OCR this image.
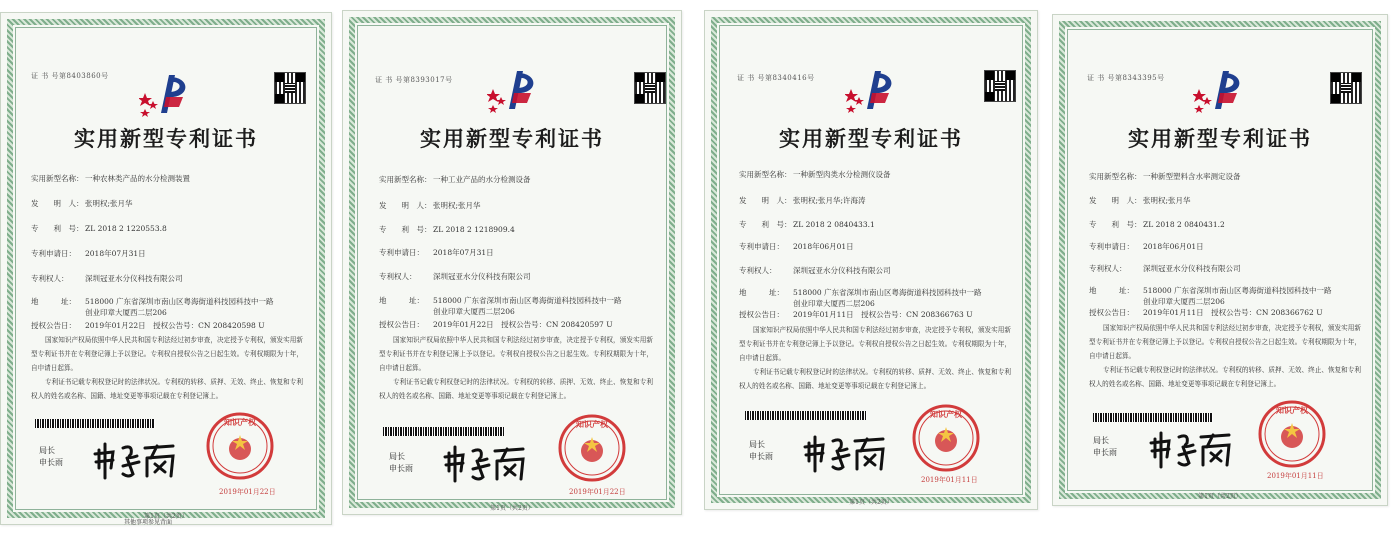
证 书 号第8403860号
实用新型专利证书
实用新型名称： 一种农林类产品的水分检测装置
发　　明　人： 张明权;张月华
专　　利　号： ZL 2018 2 1220553.8
专利申请日： 2018年07月31日
专利权人： 深圳冠亚水分仪科技有限公司
地　　　址： 518000 广东省深圳市南山区粤海街道科技园科技中一路
创业印章大厦西二层206
授权公告日： 2019年01月22日　授权公告号：CN 208420598 U
国家知识产权局依照中华人民共和国专利法经过初步审查，决定授予专利权，颁发实用新型专利证书并在专利登记簿上予以登记。专利权自授权公告之日起生效。专利权期限为十年，自申请日起算。
专利证书记载专利权登记时的法律状况。专利权的转移、质押、无效、终止、恢复和专利权人的姓名或名称、国籍、地址变更等事项记载在专利登记簿上。
局长
申长雨
知识产权
2019年01月22日
第1页（共2页）
其他事项参见背面
证 书 号第8393017号
实用新型专利证书
实用新型名称： 一种工业产品的水分检测设备
发　　明　人： 张明权;张月华
专　　利　号： ZL 2018 2 1218909.4
专利申请日： 2018年07月31日
专利权人： 深圳冠亚水分仪科技有限公司
地　　　址： 518000 广东省深圳市南山区粤海街道科技园科技中一路
创业印章大厦西二层206
授权公告日： 2019年01月22日　授权公告号：CN 208420597 U
国家知识产权局依照中华人民共和国专利法经过初步审查，决定授予专利权，颁发实用新型专利证书并在专利登记簿上予以登记。专利权自授权公告之日起生效。专利权期限为十年，自申请日起算。
专利证书记载专利权登记时的法律状况。专利权的转移、质押、无效、终止、恢复和专利权人的姓名或名称、国籍、地址变更等事项记载在专利登记簿上。
局长
申长雨
知识产权
2019年01月22日
第1页（共2页）
证 书 号第8340416号
实用新型专利证书
实用新型名称： 一种新型肉类水分检测仪设备
发　　明　人： 张明权;张月华;许海涛
专　　利　号： ZL 2018 2 0840433.1
专利申请日： 2018年06月01日
专利权人： 深圳冠亚水分仪科技有限公司
地　　　址： 518000 广东省深圳市南山区粤海街道科技园科技中一路
创业印章大厦西二层206
授权公告日： 2019年01月11日　授权公告号：CN 208366763 U
国家知识产权局依照中华人民共和国专利法经过初步审查，决定授予专利权，颁发实用新型专利证书并在专利登记簿上予以登记。专利权自授权公告之日起生效。专利权期限为十年，自申请日起算。
专利证书记载专利权登记时的法律状况。专利权的转移、质押、无效、终止、恢复和专利权人的姓名或名称、国籍、地址变更等事项记载在专利登记簿上。
局长
申长雨
知识产权
2019年01月11日
第1页（共2页）
证 书 号第8343395号
实用新型专利证书
实用新型名称： 一种新型塑料含水率测定设备
发　　明　人： 张明权;张月华
专　　利　号： ZL 2018 2 0840431.2
专利申请日： 2018年06月01日
专利权人： 深圳冠亚水分仪科技有限公司
地　　　址： 518000 广东省深圳市南山区粤海街道科技园科技中一路
创业印章大厦西二层206
授权公告日： 2019年01月11日　授权公告号：CN 208366762 U
国家知识产权局依照中华人民共和国专利法经过初步审查，决定授予专利权，颁发实用新型专利证书并在专利登记簿上予以登记。专利权自授权公告之日起生效。专利权期限为十年，自申请日起算。
专利证书记载专利权登记时的法律状况。专利权的转移、质押、无效、终止、恢复和专利权人的姓名或名称、国籍、地址变更等事项记载在专利登记簿上。
局长
申长雨
知识产权
2019年01月11日
第1页（共2页）
